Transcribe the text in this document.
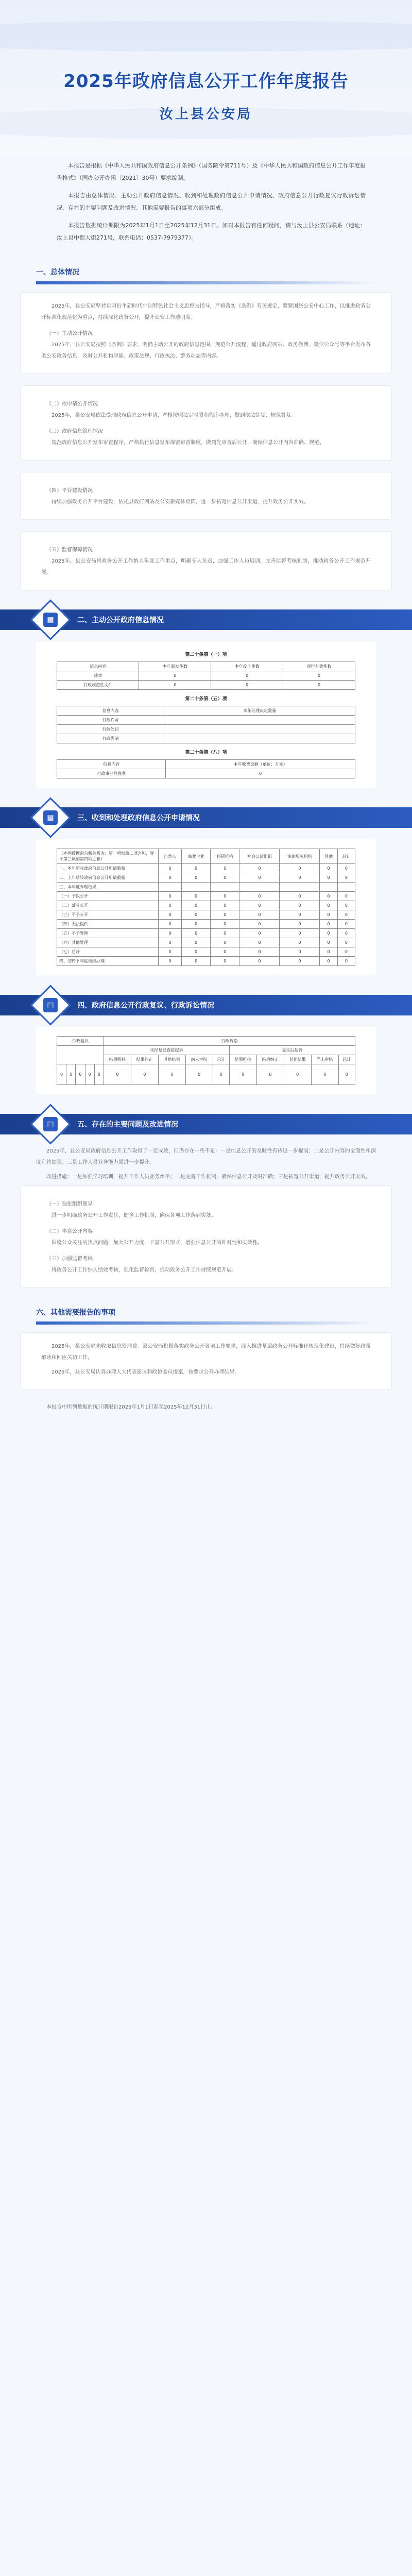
2025年政府信息公开工作年度报告
汝上县公安局

本报告是根据《中华人民共和国政府信息公开条例》（国务院令第711号）及《中华人民共和国政府信息公开工作年度报告格式》（国办公开办函〔2021〕30号）要求编制。

本报告由总体情况、主动公开政府信息情况、收到和处理政府信息公开申请情况、政府信息公开行政复议行政诉讼情况、存在的主要问题及改进情况、其他需要报告的事项六部分组成。

本报告数据统计期限为2025年1月1日至2025年12月31日。如对本报告有任何疑问，请与汝上县公安局联系（地址：汝上县中都大街271号，联系电话：0537-7979377）。

一、总体情况

2025年，县公安局坚持以习近平新时代中国特色社会主义思想为指导，严格落实《条例》有关规定，紧紧围绕公安中心工作，以推进政务公开标准化规范化为重点，持续深化政务公开，提升公安工作透明度。

（一）主动公开情况

2025年，县公安局按照《条例》要求，明确主动公开的政府信息范围，规范公开流程，通过政府网站、政务微博、微信公众号等平台发布各类公安政务信息，及时公开机构职能、政策法规、行政执法、警务动态等内容。

（二）依申请公开情况

2025年，县公安局依法受理政府信息公开申请，严格按照法定时限和程序办理，做到依法答复、规范答复。

（三）政府信息管理情况

规范政府信息公开发布审查程序，严格执行信息发布保密审查制度，做到先审查后公开，确保信息公开内容准确、规范。

（四）平台建设情况

持续加强政务公开平台建设，依托县政府网站及公安新媒体矩阵，进一步拓宽信息公开渠道，提升政务公开实效。

（五）监督保障情况

2025年，县公安局将政务公开工作纳入年度工作重点，明确专人负责，加强工作人员培训，完善监督考核机制，推动政务公开工作规范开展。

▤	二、主动公开政府信息情况
第二十条第（一）项
信息内容	本年制发件数	本年废止件数	现行有效件数
规章	0	0	0
行政规范性文件	0	0	0
第二十条第（五）项
信息内容	本年处理决定数量
行政许可	
行政处罚	
行政强制	
第二十条第（八）项
信息内容	本年收费金额（单位：万元）
行政事业性收费	0
▤	三、收到和处理政府信息公开申请情况
（本列数据的勾稽关系为：第一项加第二项之和，等于第三项加第四项之和）	自然人	商业企业	科研机构	社会公益组织	法律服务机构	其他	总计
一、本年新收政府信息公开申请数量	0	0	0	0	0	0	0
二、上年结转政府信息公开申请数量	0	0	0	0	0	0	0
三、本年度办理结果							
（一）予以公开	0	0	0	0	0	0	0
（二）部分公开	0	0	0	0	0	0	0
（三）不予公开	0	0	0	0	0	0	0
（四）无法提供	0	0	0	0	0	0	0
（五）不予处理	0	0	0	0	0	0	0
（六）其他处理	0	0	0	0	0	0	0
（七）总计	0	0	0	0	0	0	0
四、结转下年度继续办理	0	0	0	0	0	0	0
▤	四、政府信息公开行政复议、行政诉讼情况
行政复议					行政诉讼									
					未经复议直接起诉					复议后起诉				
					结果维持	结果纠正	其他结果	尚未审结	总计	结果维持	结果纠正	其他结果	尚未审结	总计
0	0	0	0	0	0	0	0	0	0	0	0	0	0	0
▤	五、存在的主要问题及改进情况

2025年，县公安局政府信息公开工作取得了一定成效，但仍存在一些不足：一是信息公开的及时性有待进一步提高；二是公开内容的全面性和深度有待加强；三是工作人员业务能力需进一步提升。

改进措施：一是加强学习培训，提升工作人员业务水平；二是完善工作机制，确保信息公开及时准确；三是拓宽公开渠道，提升政务公开实效。

（一）强化组织领导

进一步明确政务公开工作责任，健全工作机制，确保各项工作落到实处。

（二）丰富公开内容

围绕公众关注的热点问题，加大公开力度，丰富公开形式，增强信息公开的针对性和实效性。

（三）加强监督考核

将政务公开工作纳入绩效考核，强化监督检查，推动政务公开工作持续规范开展。

六、其他需要报告的事项

2025年，县公安局未收取信息处理费。县公安局积极落实政务公开各项工作要求，深入推进基层政务公开标准化规范化建设，持续做好政策解读和回应关切工作。

2025年，县公安局认真办理人大代表建议和政协委员提案，按要求公开办理结果。

本报告中所列数据的统计期限自2025年1月1日起至2025年12月31日止。
